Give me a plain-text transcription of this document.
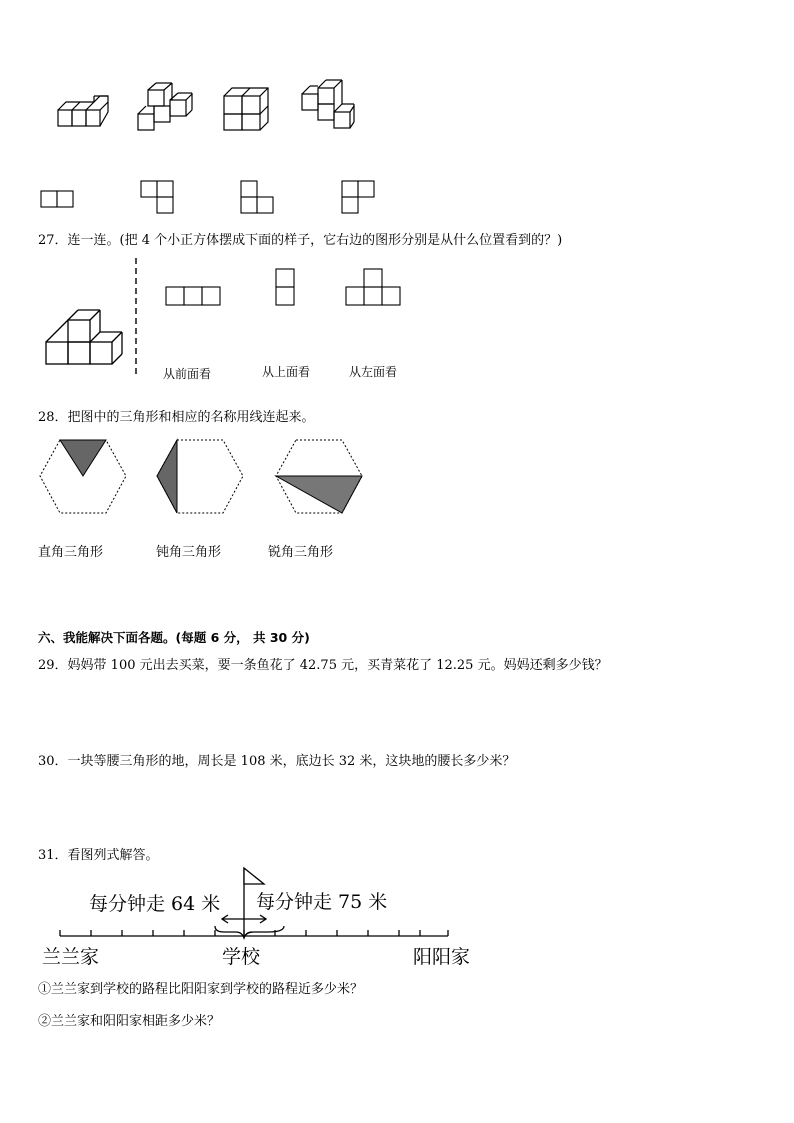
27．连一连。(把 4 个小正方体摆成下面的样子，它右边的图形分别是从什么位置看到的？)
从前面看	从上面看	从左面看
28．把图中的三角形和相应的名称用线连起来。
直角三角形	钝角三角形	锐角三角形
六、我能解决下面各题。(每题 6 分， 共 30 分)
29．妈妈带 100 元出去买菜，要一条鱼花了 42.75 元，买青菜花了 12.25 元。妈妈还剩多少钱？
30．一块等腰三角形的地，周长是 108 米，底边长 32 米，这块地的腰长多少米？
31．看图列式解答。
每分钟走 64 米 每分钟走 75 米
兰兰家	学校	阳阳家
①兰兰家到学校的路程比阳阳家到学校的路程近多少米？
②兰兰家和阳阳家相距多少米？
